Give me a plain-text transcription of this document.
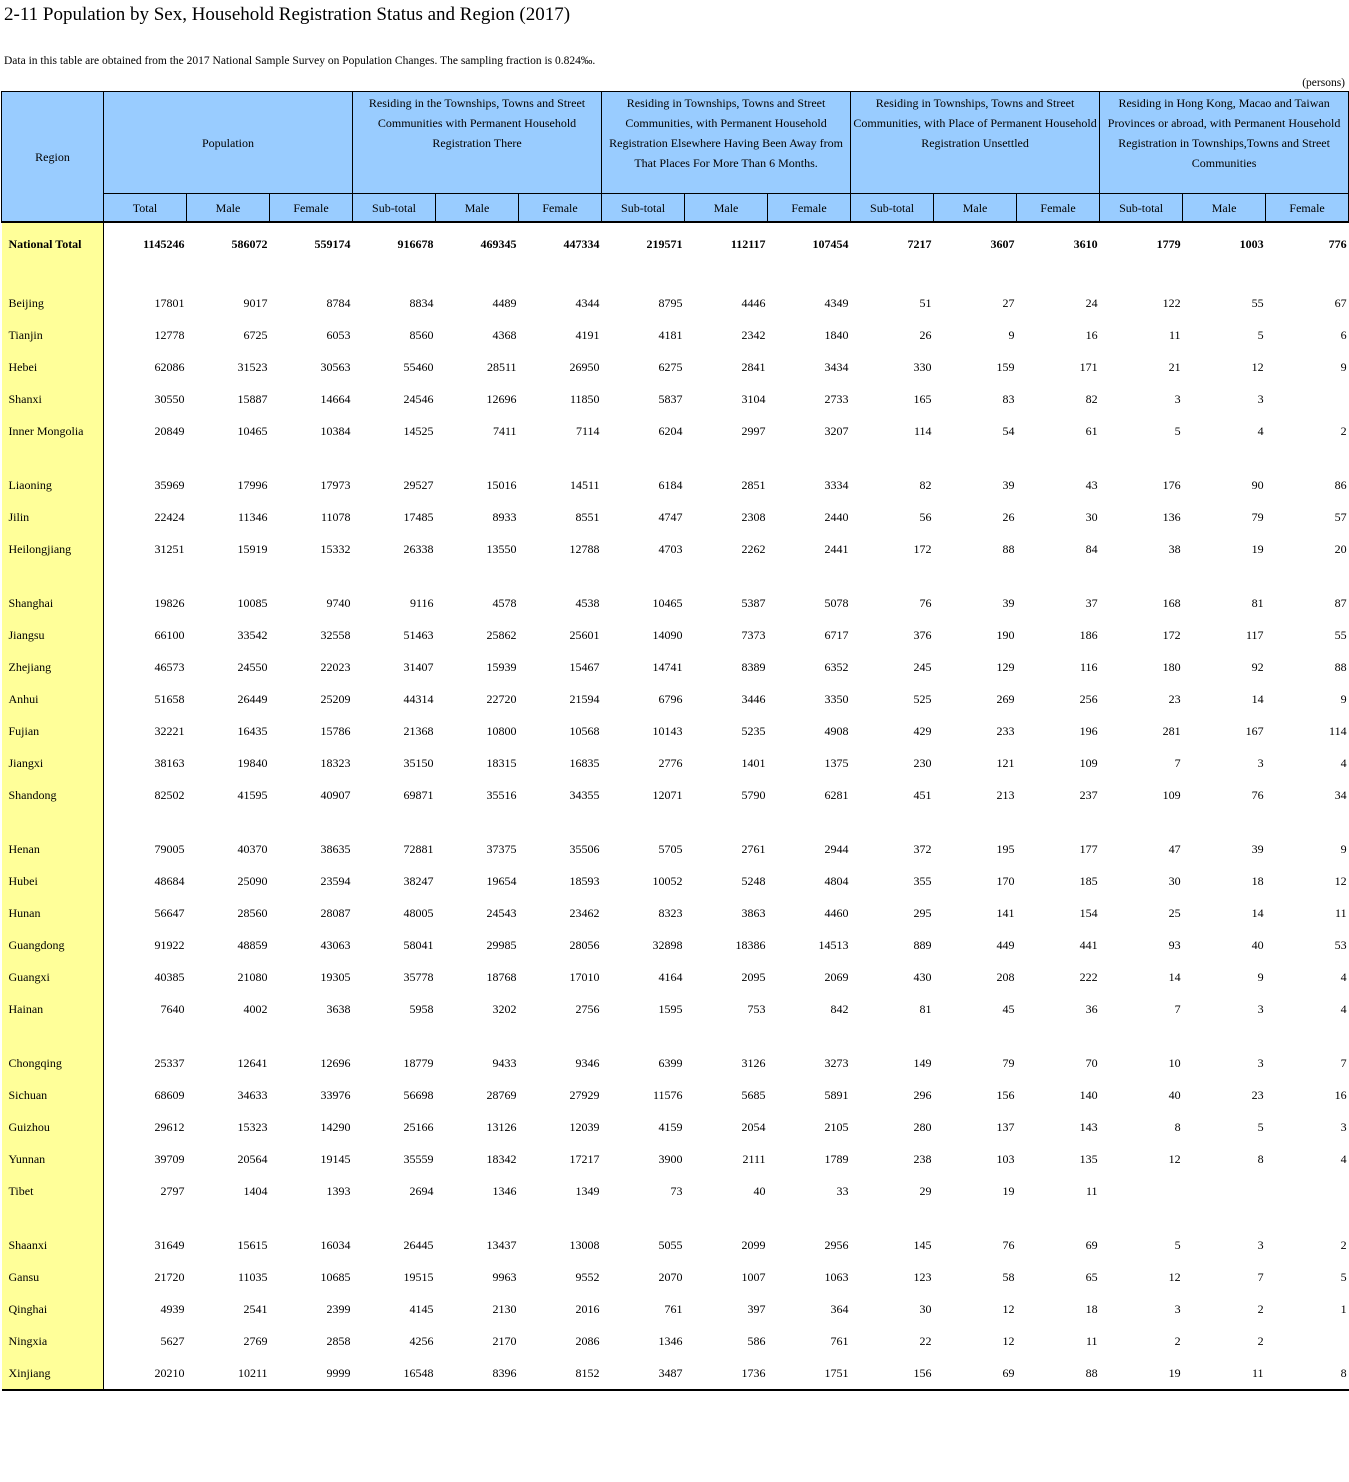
2-11 Population by Sex, Household Registration Status and Region (2017)
Data in this table are obtained from the 2017 National Sample Survey on Population Changes. The sampling fraction is 0.824‰.
(persons)
Region	Population			Residing in the Townships, Towns and Street Communities with Permanent Household Registration There			Residing in Townships, Towns and Street Communities, with Permanent Household Registration Elsewhere Having Been Away from That Places For More Than 6 Months.			Residing in Townships, Towns and Street Communities, with Place of Permanent Household Registration Unsettled			Residing in Hong Kong, Macao and Taiwan Provinces or abroad, with Permanent Household Registration in Townships,Towns and Street Communities		
	Total	Male	Female	Sub-total	Male	Female	Sub-total	Male	Female	Sub-total	Male	Female	Sub-total	Male	Female
National Total	1145246	586072	559174	916678	469345	447334	219571	112117	107454	7217	3607	3610	1779	1003	776

Beijing	17801	9017	8784	8834	4489	4344	8795	4446	4349	51	27	24	122	55	67
Tianjin	12778	6725	6053	8560	4368	4191	4181	2342	1840	26	9	16	11	5	6
Hebei	62086	31523	30563	55460	28511	26950	6275	2841	3434	330	159	171	21	12	9
Shanxi	30550	15887	14664	24546	12696	11850	5837	3104	2733	165	83	82	3	3	
Inner Mongolia	20849	10465	10384	14525	7411	7114	6204	2997	3207	114	54	61	5	4	2

Liaoning	35969	17996	17973	29527	15016	14511	6184	2851	3334	82	39	43	176	90	86
Jilin	22424	11346	11078	17485	8933	8551	4747	2308	2440	56	26	30	136	79	57
Heilongjiang	31251	15919	15332	26338	13550	12788	4703	2262	2441	172	88	84	38	19	20

Shanghai	19826	10085	9740	9116	4578	4538	10465	5387	5078	76	39	37	168	81	87
Jiangsu	66100	33542	32558	51463	25862	25601	14090	7373	6717	376	190	186	172	117	55
Zhejiang	46573	24550	22023	31407	15939	15467	14741	8389	6352	245	129	116	180	92	88
Anhui	51658	26449	25209	44314	22720	21594	6796	3446	3350	525	269	256	23	14	9
Fujian	32221	16435	15786	21368	10800	10568	10143	5235	4908	429	233	196	281	167	114
Jiangxi	38163	19840	18323	35150	18315	16835	2776	1401	1375	230	121	109	7	3	4
Shandong	82502	41595	40907	69871	35516	34355	12071	5790	6281	451	213	237	109	76	34

Henan	79005	40370	38635	72881	37375	35506	5705	2761	2944	372	195	177	47	39	9
Hubei	48684	25090	23594	38247	19654	18593	10052	5248	4804	355	170	185	30	18	12
Hunan	56647	28560	28087	48005	24543	23462	8323	3863	4460	295	141	154	25	14	11
Guangdong	91922	48859	43063	58041	29985	28056	32898	18386	14513	889	449	441	93	40	53
Guangxi	40385	21080	19305	35778	18768	17010	4164	2095	2069	430	208	222	14	9	4
Hainan	7640	4002	3638	5958	3202	2756	1595	753	842	81	45	36	7	3	4

Chongqing	25337	12641	12696	18779	9433	9346	6399	3126	3273	149	79	70	10	3	7
Sichuan	68609	34633	33976	56698	28769	27929	11576	5685	5891	296	156	140	40	23	16
Guizhou	29612	15323	14290	25166	13126	12039	4159	2054	2105	280	137	143	8	5	3
Yunnan	39709	20564	19145	35559	18342	17217	3900	2111	1789	238	103	135	12	8	4
Tibet	2797	1404	1393	2694	1346	1349	73	40	33	29	19	11			

Shaanxi	31649	15615	16034	26445	13437	13008	5055	2099	2956	145	76	69	5	3	2
Gansu	21720	11035	10685	19515	9963	9552	2070	1007	1063	123	58	65	12	7	5
Qinghai	4939	2541	2399	4145	2130	2016	761	397	364	30	12	18	3	2	1
Ningxia	5627	2769	2858	4256	2170	2086	1346	586	761	22	12	11	2	2	
Xinjiang	20210	10211	9999	16548	8396	8152	3487	1736	1751	156	69	88	19	11	8
